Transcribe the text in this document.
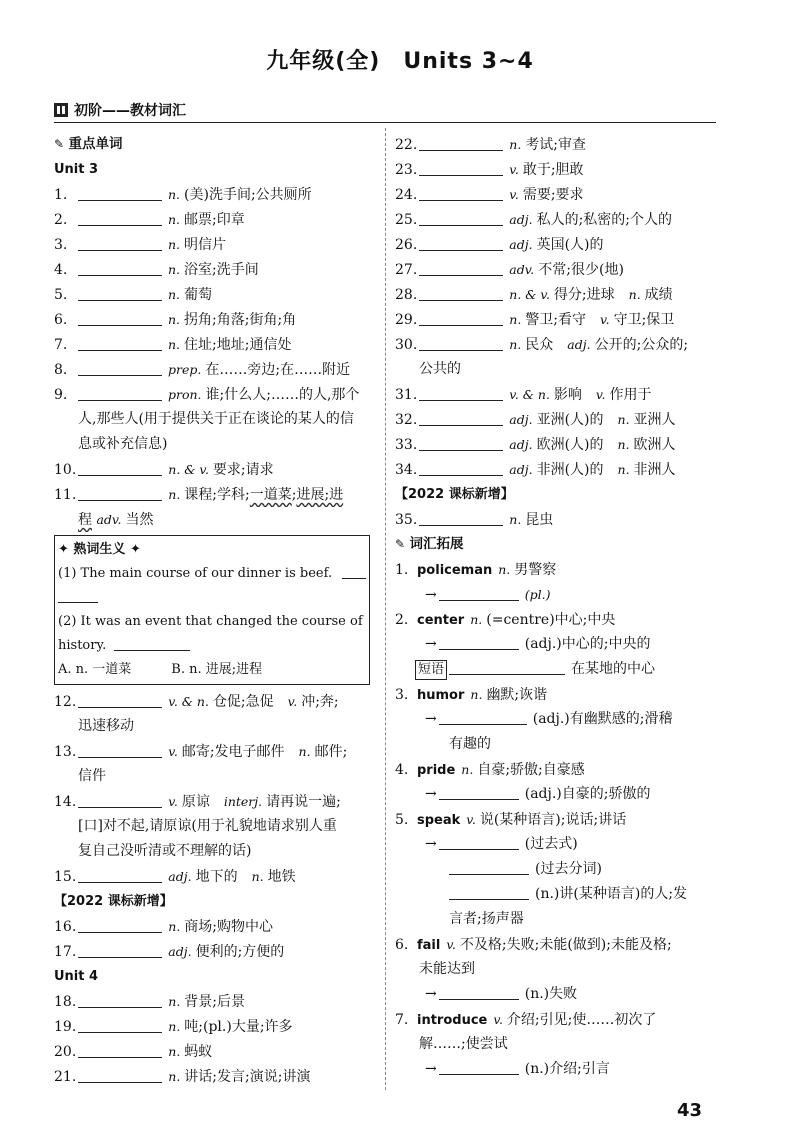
九年级(全)　Units 3~4
初阶——教材词汇
✎ 重点单词
Unit 3
1.	n. (美)洗手间;公共厕所
2.	n. 邮票;印章
3.	n. 明信片
4.	n. 浴室;洗手间
5.	n. 葡萄
6.	n. 拐角;角落;街角;角
7.	n. 住址;地址;通信处
8.	prep. 在……旁边;在……附近
9.	pron. 谁;什么人;……的人,那个
人,那些人(用于提供关于正在谈论的某人的信
息或补充信息)
10.	n. & v. 要求;请求
11.	n. 课程;学科;一道菜;进展;进
程 adv. 当然
✦ 熟词生义 ✦
(1) The main course of our dinner is beef.
(2) It was an event that changed the course of
history.
A. n. 一道菜	B. n. 进展;进程
12.	v. & n. 仓促;急促　 v. 冲;奔;
迅速移动
13.	v. 邮寄;发电子邮件　 n. 邮件;
信件
14.	v. 原谅　 interj. 请再说一遍;
[口]对不起,请原谅(用于礼貌地请求别人重
复自己没听清或不理解的话)
15.	adj. 地下的　 n. 地铁
【2022 课标新增】
16.	n. 商场;购物中心
17.	adj. 便利的;方便的
Unit 4
18.	n. 背景;后景
19.	n. 吨;(pl.)大量;许多
20.	n. 蚂蚁
21.	n. 讲话;发言;演说;讲演
22.	n. 考试;审查
23.	v. 敢于;胆敢
24.	v. 需要;要求
25.	adj. 私人的;私密的;个人的
26.	adj. 英国(人)的
27.	adv. 不常;很少(地)
28.	n. & v. 得分;进球　 n. 成绩
29.	n. 警卫;看守　 v. 守卫;保卫
30.	n. 民众　 adj. 公开的;公众的;
公共的
31.	v. & n. 影响　 v. 作用于
32.	adj. 亚洲(人)的　 n. 亚洲人
33.	adj. 欧洲(人)的　 n. 欧洲人
34.	adj. 非洲(人)的　 n. 非洲人
【2022 课标新增】
35.	n. 昆虫
✎ 词汇拓展
1. policeman n. 男警察
→	(pl.)
2. center n. (=centre)中心;中央
→	(adj.)中心的;中央的
短语	在某地的中心
3. humor n. 幽默;诙谐
→	(adj.)有幽默感的;滑稽
有趣的
4. pride n. 自豪;骄傲;自豪感
→	(adj.)自豪的;骄傲的
5. speak v. 说(某种语言);说话;讲话
→	(过去式)
(过去分词)
(n.)讲(某种语言)的人;发
言者;扬声器
6. fail v. 不及格;失败;未能(做到);未能及格;
未能达到
→	(n.)失败
7. introduce v. 介绍;引见;使……初次了
解……;使尝试
→	(n.)介绍;引言
43
